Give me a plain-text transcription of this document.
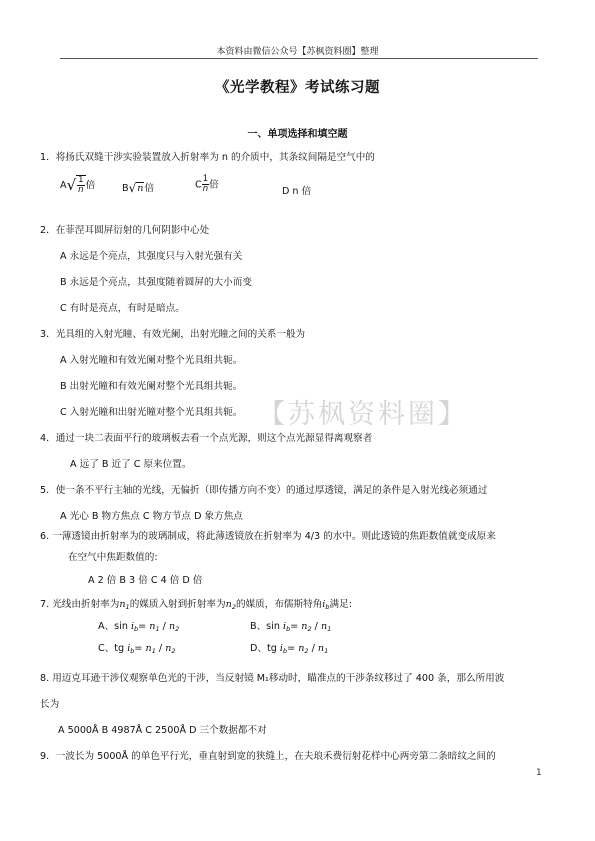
本资料由微信公众号【苏枫资料圈】整理
《光学教程》考试练习题
一、单项选择和填空题
1．将扬氏双缝干涉实验装置放入折射率为 n 的介质中，其条纹间隔是空气中的
$A√ \frac{1}{n}$ 倍	B√n倍	C $\frac{1}{n}$ 倍
D n 倍
2．在菲涅耳圆屏衍射的几何阴影中心处
A 永远是个亮点，其强度只与入射光强有关
B 永远是个亮点，其强度随着圆屏的大小而变
C 有时是亮点，有时是暗点。
3．光具组的入射光瞳、有效光阑，出射光瞳之间的关系一般为
A 入射光瞳和有效光阑对整个光具组共轭。
B 出射光瞳和有效光阑对整个光具组共轭。
C 入射光瞳和出射光瞳对整个光具组共轭。 【苏枫资料圈】
4．通过一块二表面平行的玻璃板去看一个点光源，则这个点光源显得离观察者
A 远了 B 近了 C 原来位置。
5．使一条不平行主轴的光线，无偏折（即传播方向不变）的通过厚透镜，满足的条件是入射光线必须通过
A 光心 B 物方焦点 C 物方节点 D 象方焦点
6. 一薄透镜由折射率为的玻璃制成，将此薄透镜放在折射率为 4/3 的水中。则此透镜的焦距数值就变成原来
在空气中焦距数值的:
A 2 倍 B 3 倍 C 4 倍 D 倍
7. 光线由折射率为$n_1$的媒质入射到折射率为$n_2$的媒质，布儒斯特角$i_b$满足:
A、$\sin i_b= n_1 / n_2$	B、$\sin i_b= n_2 / n_1$
C、tg $i_b= n_1 / n_2$	D、tg $i_b= n_2 / n_1$
8. 用迈克耳逊干涉仪观察单色光的干涉，当反射镜 M₁移动时，瞄准点的干涉条纹移过了 400 条，那么所用波
长为
A 5000Å B 4987Å C 2500Å D 三个数据都不对
9．一波长为 5000Å 的单色平行光，垂直射到宽的狭缝上，在夫琅禾费衍射花样中心两旁第二条暗纹之间的
1
